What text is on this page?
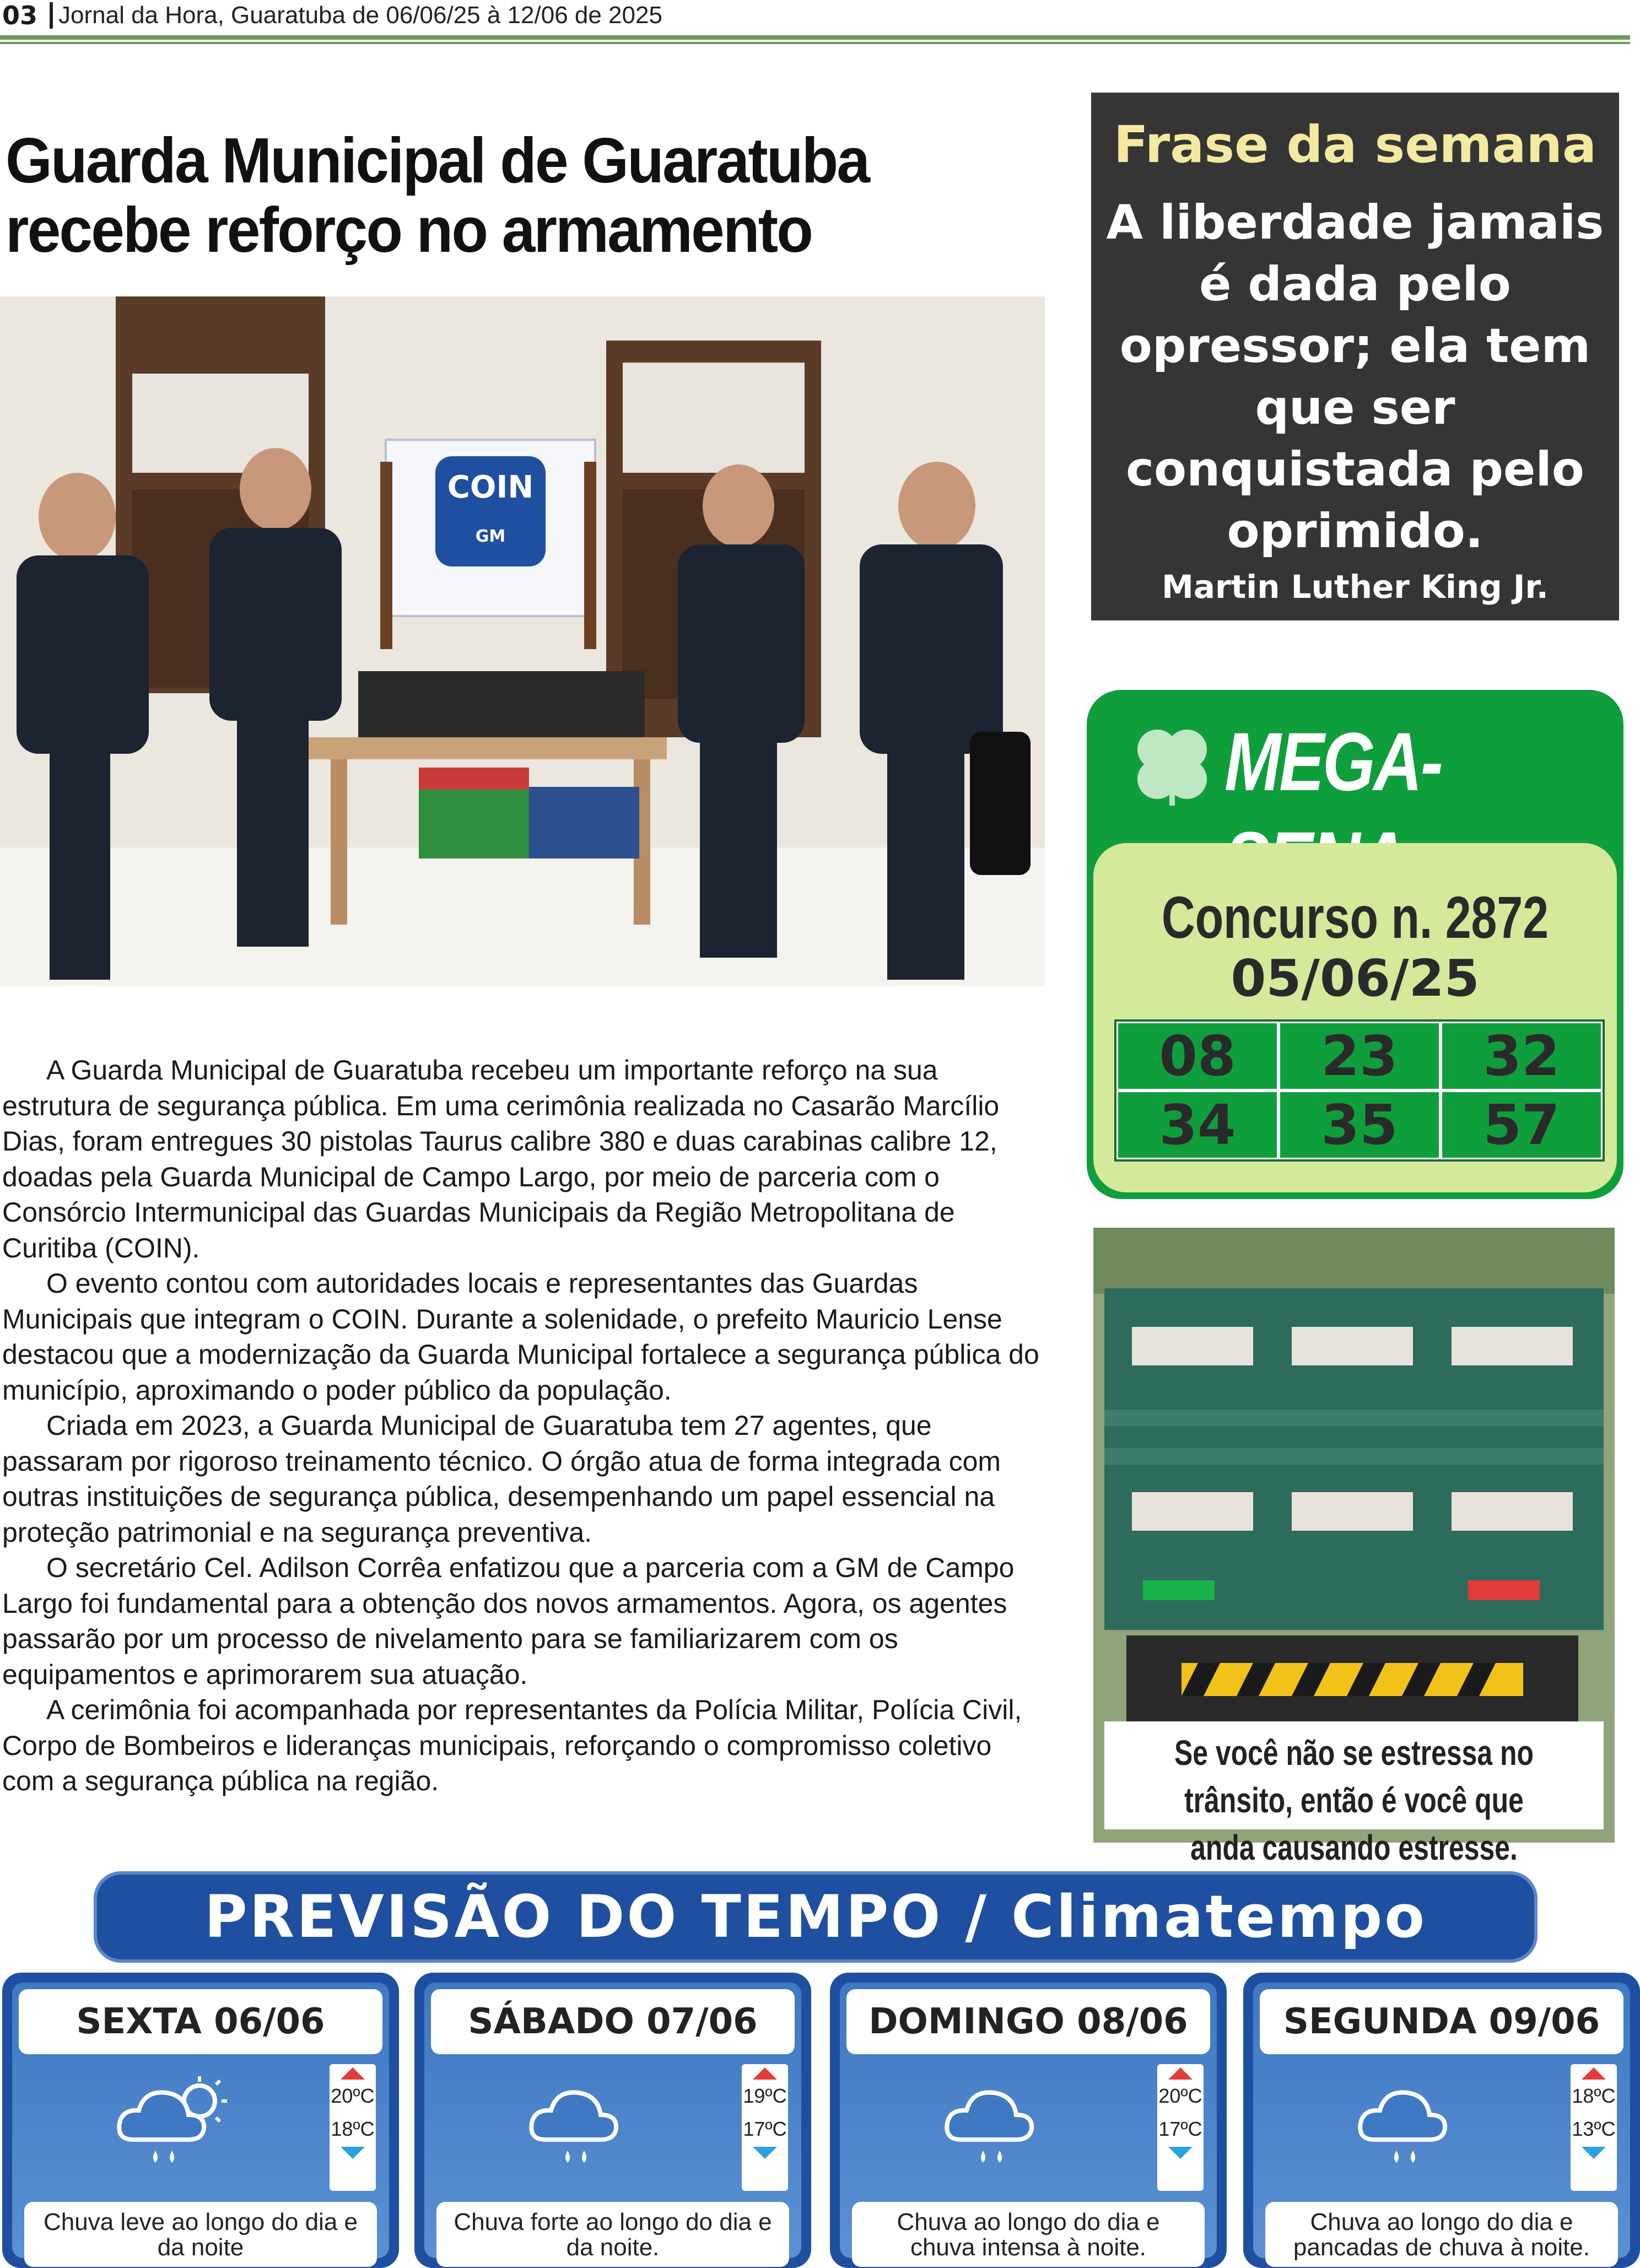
03 Jornal da Hora, Guaratuba de 06/06/25 à 12/06 de 2025
Guarda Municipal de Guaratuba recebe reforço no armamento
COIN
GM

A Guarda Municipal de Guaratuba recebeu um importante reforço na sua estrutura de segurança pública. Em uma cerimônia realizada no Casarão Marcílio Dias, foram entregues 30 pistolas Taurus calibre 380 e duas carabinas calibre 12, doadas pela Guarda Municipal de Campo Largo, por meio de parceria com o Consórcio Intermunicipal das Guardas Municipais da Região Metropolitana de Curitiba (COIN).

O evento contou com autoridades locais e representantes das Guardas Municipais que integram o COIN. Durante a solenidade, o prefeito Mauricio Lense destacou que a modernização da Guarda Municipal fortalece a segurança pública do município, aproximando o poder público da população.

Criada em 2023, a Guarda Municipal de Guaratuba tem 27 agentes, que passaram por rigoroso treinamento técnico. O órgão atua de forma integrada com outras instituições de segurança pública, desempenhando um papel essencial na proteção patrimonial e na segurança preventiva.

O secretário Cel. Adilson Corrêa enfatizou que a parceria com a GM de Campo Largo foi fundamental para a obtenção dos novos armamentos. Agora, os agentes passarão por um processo de nivelamento para se familiarizarem com os equipamentos e aprimorarem sua atuação.

A cerimônia foi acompanhada por representantes da Polícia Militar, Polícia Civil, Corpo de Bombeiros e lideranças municipais, reforçando o compromisso coletivo com a segurança pública na região.

Frase da semana
A liberdade jamais é dada pelo opressor; ela tem que ser conquistada pelo oprimido.
Martin Luther King Jr.
MEGA-
Concurso n. 2872
05/06/25
08	23	32
34	35	57
Se você não se estressa no trânsito, então é você que anda causando estresse.
PREVISÃO DO TEMPO / Climatempo
SEXTA 06/06
20ºC
18ºC
Chuva leve ao longo do dia e da noite
SÁBADO 07/06
19ºC
17ºC
Chuva forte ao longo do dia e da noite.
DOMINGO 08/06
20ºC
17ºC
Chuva ao longo do dia e chuva intensa à noite.
SEGUNDA 09/06
18ºC
13ºC
Chuva ao longo do dia e pancadas de chuva à noite.
